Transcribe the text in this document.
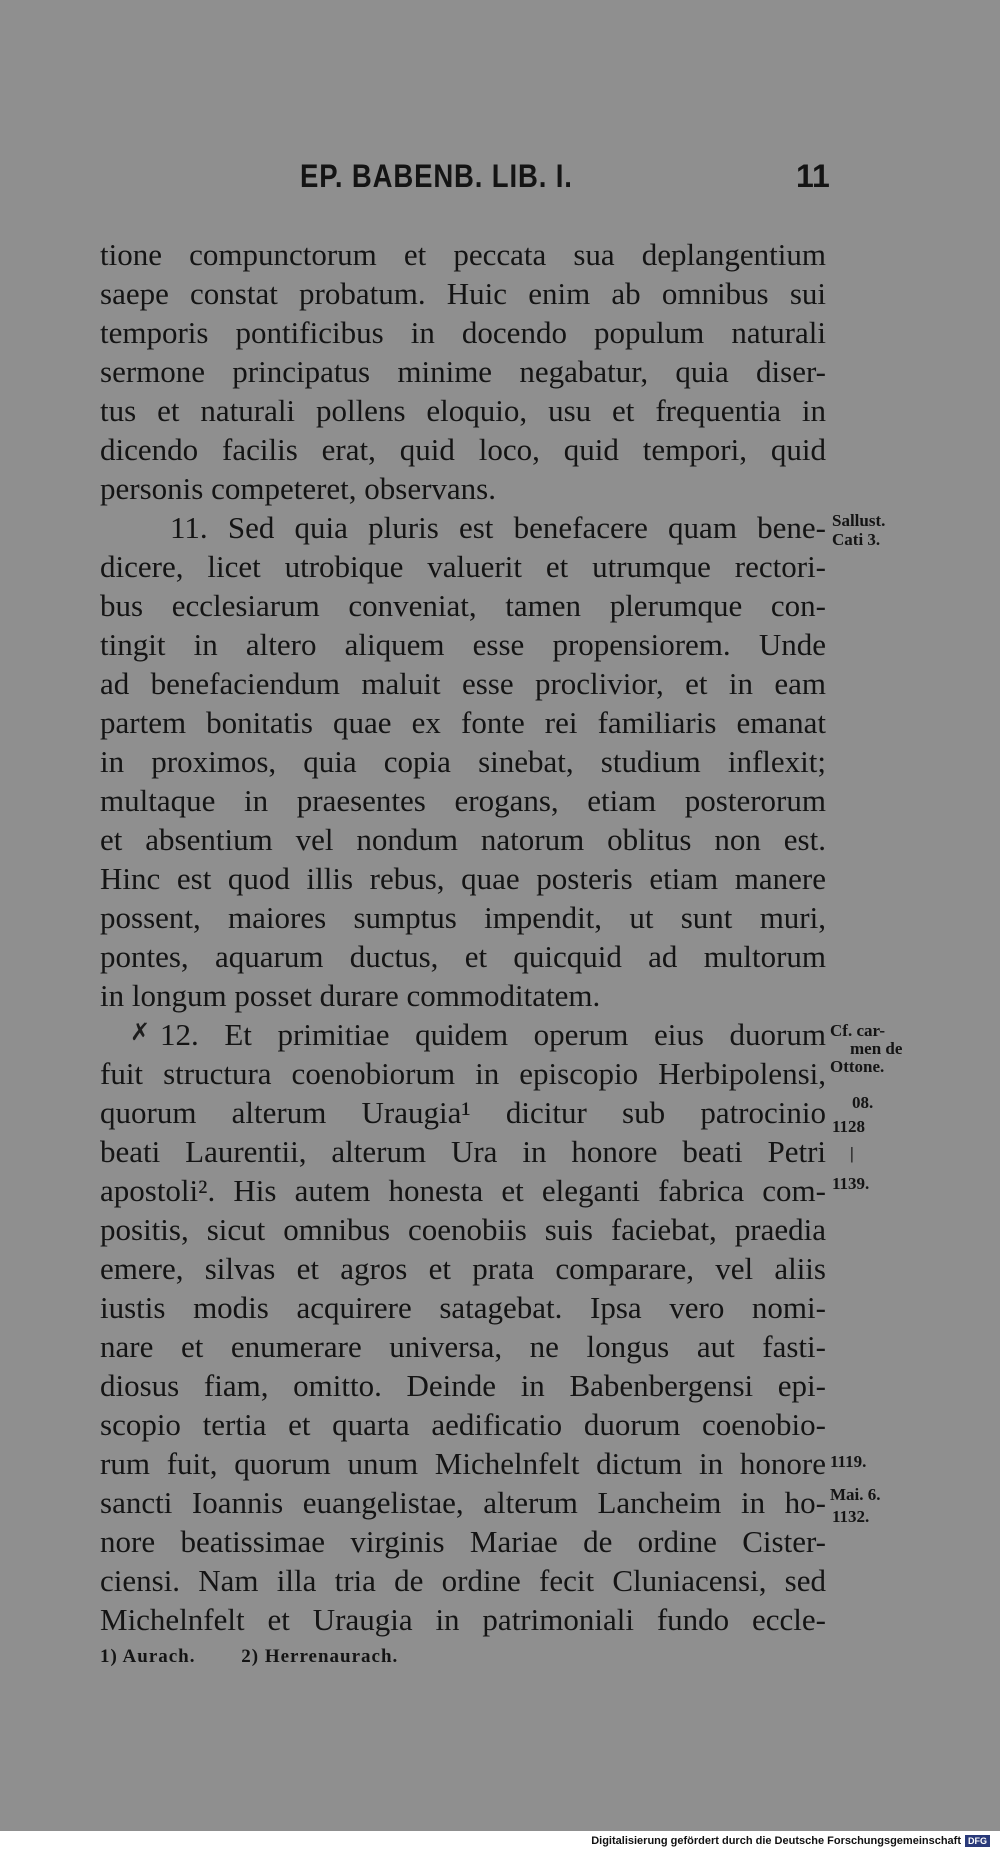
EP. BABENB. LIB. I.	11
tione compunctorum et peccata sua deplangentium
saepe constat probatum. Huic enim ab omnibus sui
temporis pontificibus in docendo populum naturali
sermone principatus minime negabatur, quia diser-
tus et naturali pollens eloquio, usu et frequentia in
dicendo facilis erat, quid loco, quid tempori, quid
personis competeret, observans.
11. Sed quia pluris est benefacere quam bene-
dicere, licet utrobique valuerit et utrumque rectori-
bus ecclesiarum conveniat, tamen plerumque con-
tingit in altero aliquem esse propensiorem. Unde
ad benefaciendum maluit esse proclivior, et in eam
partem bonitatis quae ex fonte rei familiaris emanat
in proximos, quia copia sinebat, studium inflexit;
multaque in praesentes erogans, etiam posterorum
et absentium vel nondum natorum oblitus non est.
Hinc est quod illis rebus, quae posteris etiam manere
possent, maiores sumptus impendit, ut sunt muri,
pontes, aquarum ductus, et quicquid ad multorum
in longum posset durare commoditatem.
12. Et primitiae quidem operum eius duorum
fuit structura coenobiorum in episcopio Herbipolensi,
quorum alterum Uraugia¹ dicitur sub patrocinio
beati Laurentii, alterum Ura in honore beati Petri
apostoli². His autem honesta et eleganti fabrica com-
positis, sicut omnibus coenobiis suis faciebat, praedia
emere, silvas et agros et prata comparare, vel aliis
iustis modis acquirere satagebat. Ipsa vero nomi-
nare et enumerare universa, ne longus aut fasti-
diosus fiam, omitto. Deinde in Babenbergensi epi-
scopio tertia et quarta aedificatio duorum coenobio-
rum fuit, quorum unum Michelnfelt dictum in honore
sancti Ioannis euangelistae, alterum Lancheim in ho-
nore beatissimae virginis Mariae de ordine Cister-
ciensi. Nam illa tria de ordine fecit Cluniacensi, sed
Michelnfelt et Uraugia in patrimoniali fundo eccle-
✗
Sallust.
Cati 3.
Cf. car-
men de
Ottone.
08.
1128
|
1139.
1119.
Mai. 6.
1132.
1) Aurach. 2) Herrenaurach.
Digitalisierung gefördert durch die Deutsche Forschungsgemeinschaft DFG
